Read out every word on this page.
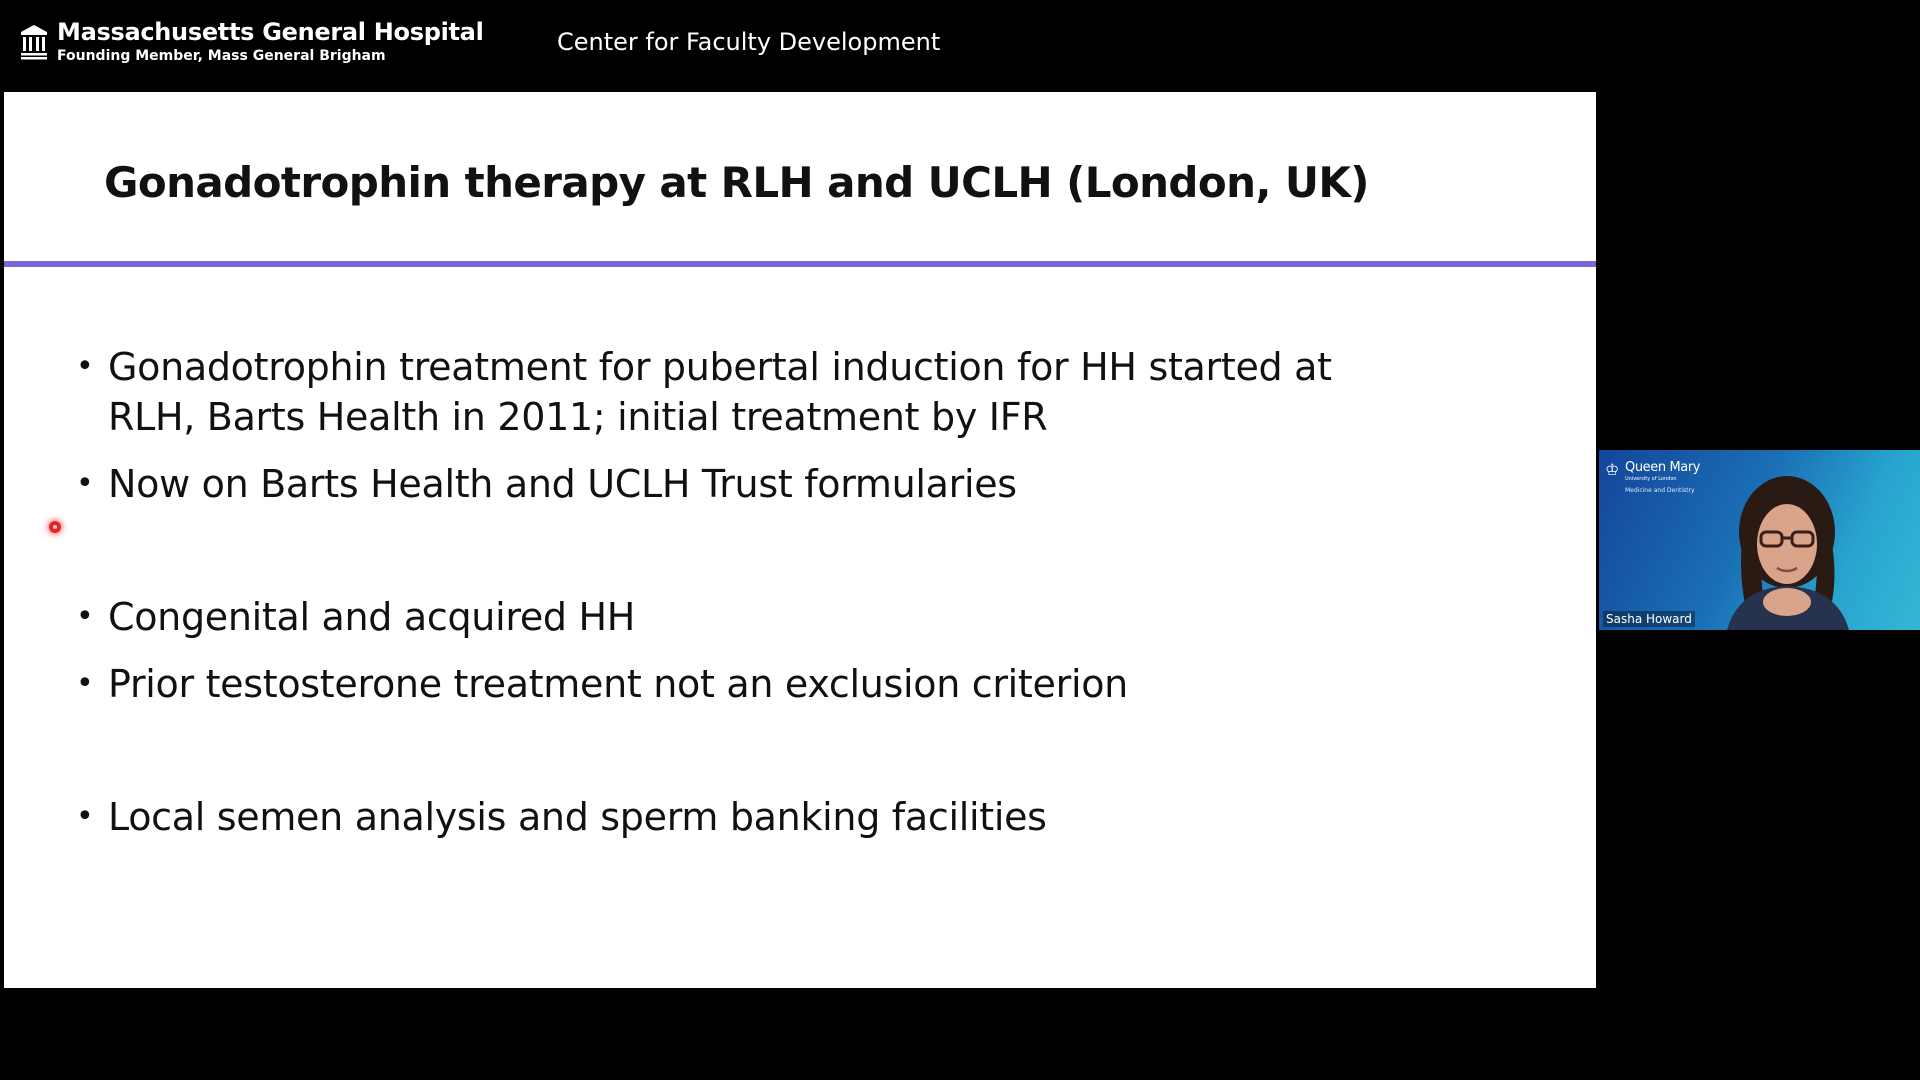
Massachusetts General Hospital
Founding Member, Mass General Brigham	Center for Faculty Development
Gonadotrophin therapy at RLH and UCLH (London, UK)
• Gonadotrophin treatment for pubertal induction for HH started at
RLH, Barts Health in 2011; initial treatment by IFR
• Now on Barts Health and UCLH Trust formularies
• Congenital and acquired HH
• Prior testosterone treatment not an exclusion criterion
• Local semen analysis and sperm banking facilities
♔ Queen Mary
University of London
Medicine and Dentistry
Sasha Howard
